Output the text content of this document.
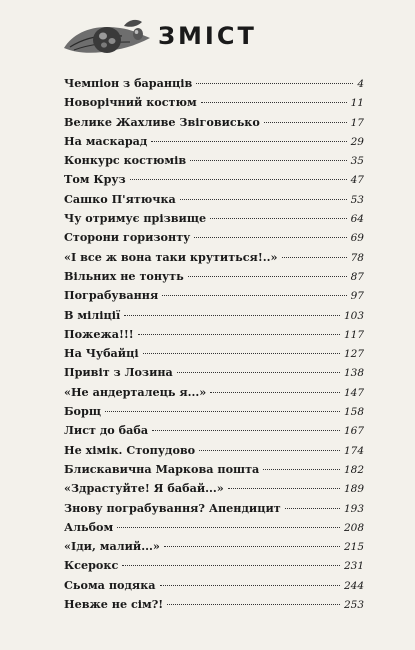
ЗМІСТ
Чемпіон з баранців	4
Новорічний костюм	11
Велике Жахливе Звіговисько	17
На маскарад	29
Конкурс костюмів	35
Том Круз	47
Сашко П'ятючка	53
Чу отримує прізвище	64
Сторони горизонту	69
«І все ж вона таки крутиться!..»	78
Вільних не тонуть	87
Пограбування	97
В міліції	103
Пожежа!!!	117
На Чубайці	127
Привіт з Лозина	138
«Не андерталець я...»	147
Борщ	158
Лист до баба	167
Не хімік. Стопудово	174
Блискавична Маркова пошта	182
«Здрастуйте! Я бабай...»	189
Знову пограбування? Апендицит	193
Альбом	208
«Іди, малий...»	215
Ксерокс	231
Сьома подяка	244
Невже не сім?!	253
